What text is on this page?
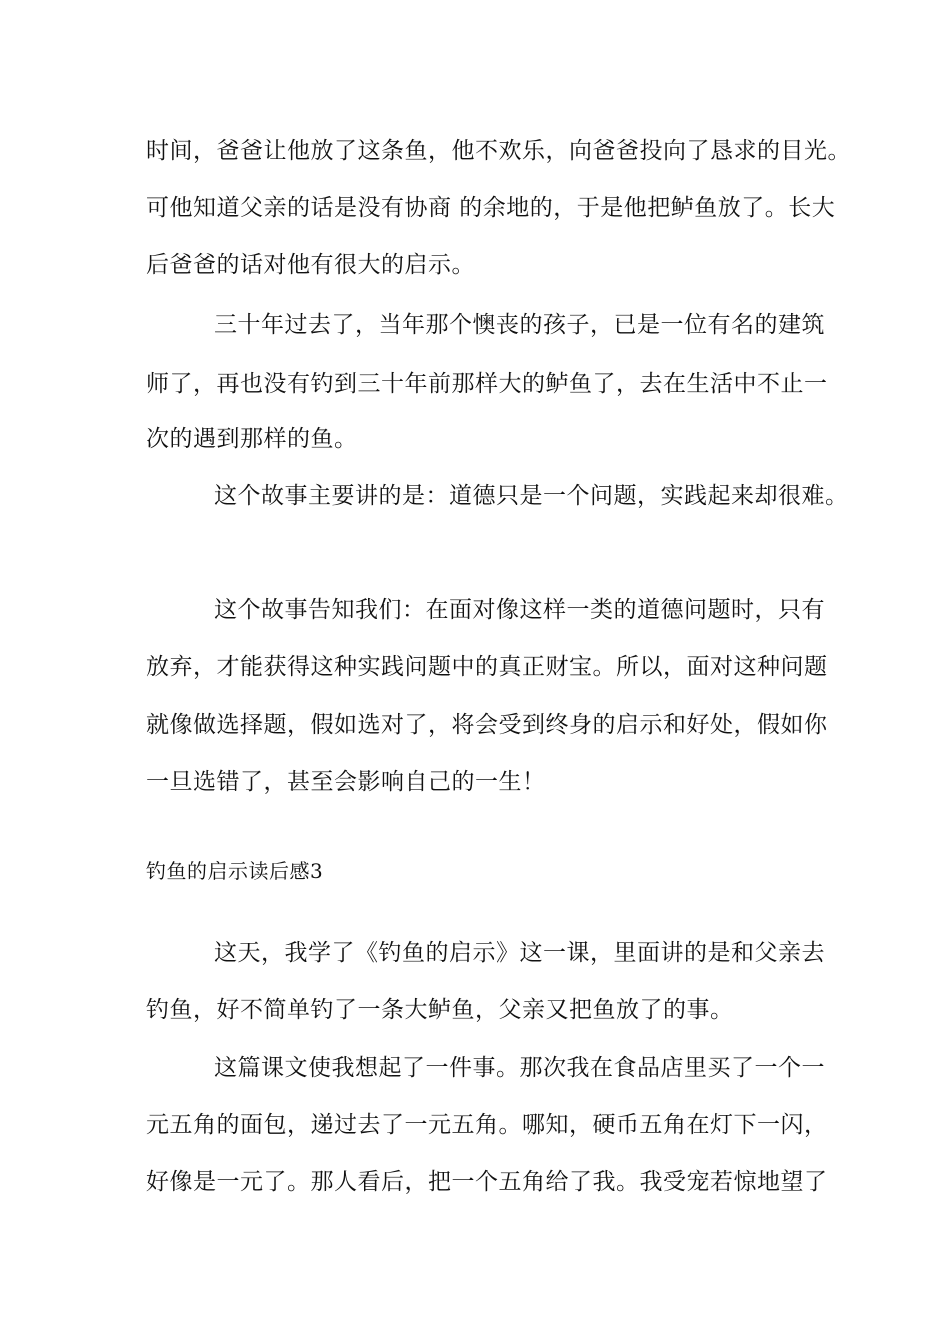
时间，爸爸让他放了这条鱼，他不欢乐，向爸爸投向了恳求的目光。
可他知道父亲的话是没有协商 的余地的，于是他把鲈鱼放了。长大
后爸爸的话对他有很大的启示。
三十年过去了，当年那个懊丧的孩子，已是一位有名的建筑
师了，再也没有钓到三十年前那样大的鲈鱼了，去在生活中不止一
次的遇到那样的鱼。
这个故事主要讲的是：道德只是一个问题，实践起来却很难。
这个故事告知我们：在面对像这样一类的道德问题时，只有
放弃，才能获得这种实践问题中的真正财宝。所以，面对这种问题
就像做选择题，假如选对了，将会受到终身的启示和好处，假如你
一旦选错了，甚至会影响自己的一生！
钓鱼的启示读后感3
这天，我学了《钓鱼的启示》这一课，里面讲的是和父亲去
钓鱼，好不简单钓了一条大鲈鱼，父亲又把鱼放了的事。
这篇课文使我想起了一件事。那次我在食品店里买了一个一
元五角的面包，递过去了一元五角。哪知，硬币五角在灯下一闪，
好像是一元了。那人看后，把一个五角给了我。我受宠若惊地望了
